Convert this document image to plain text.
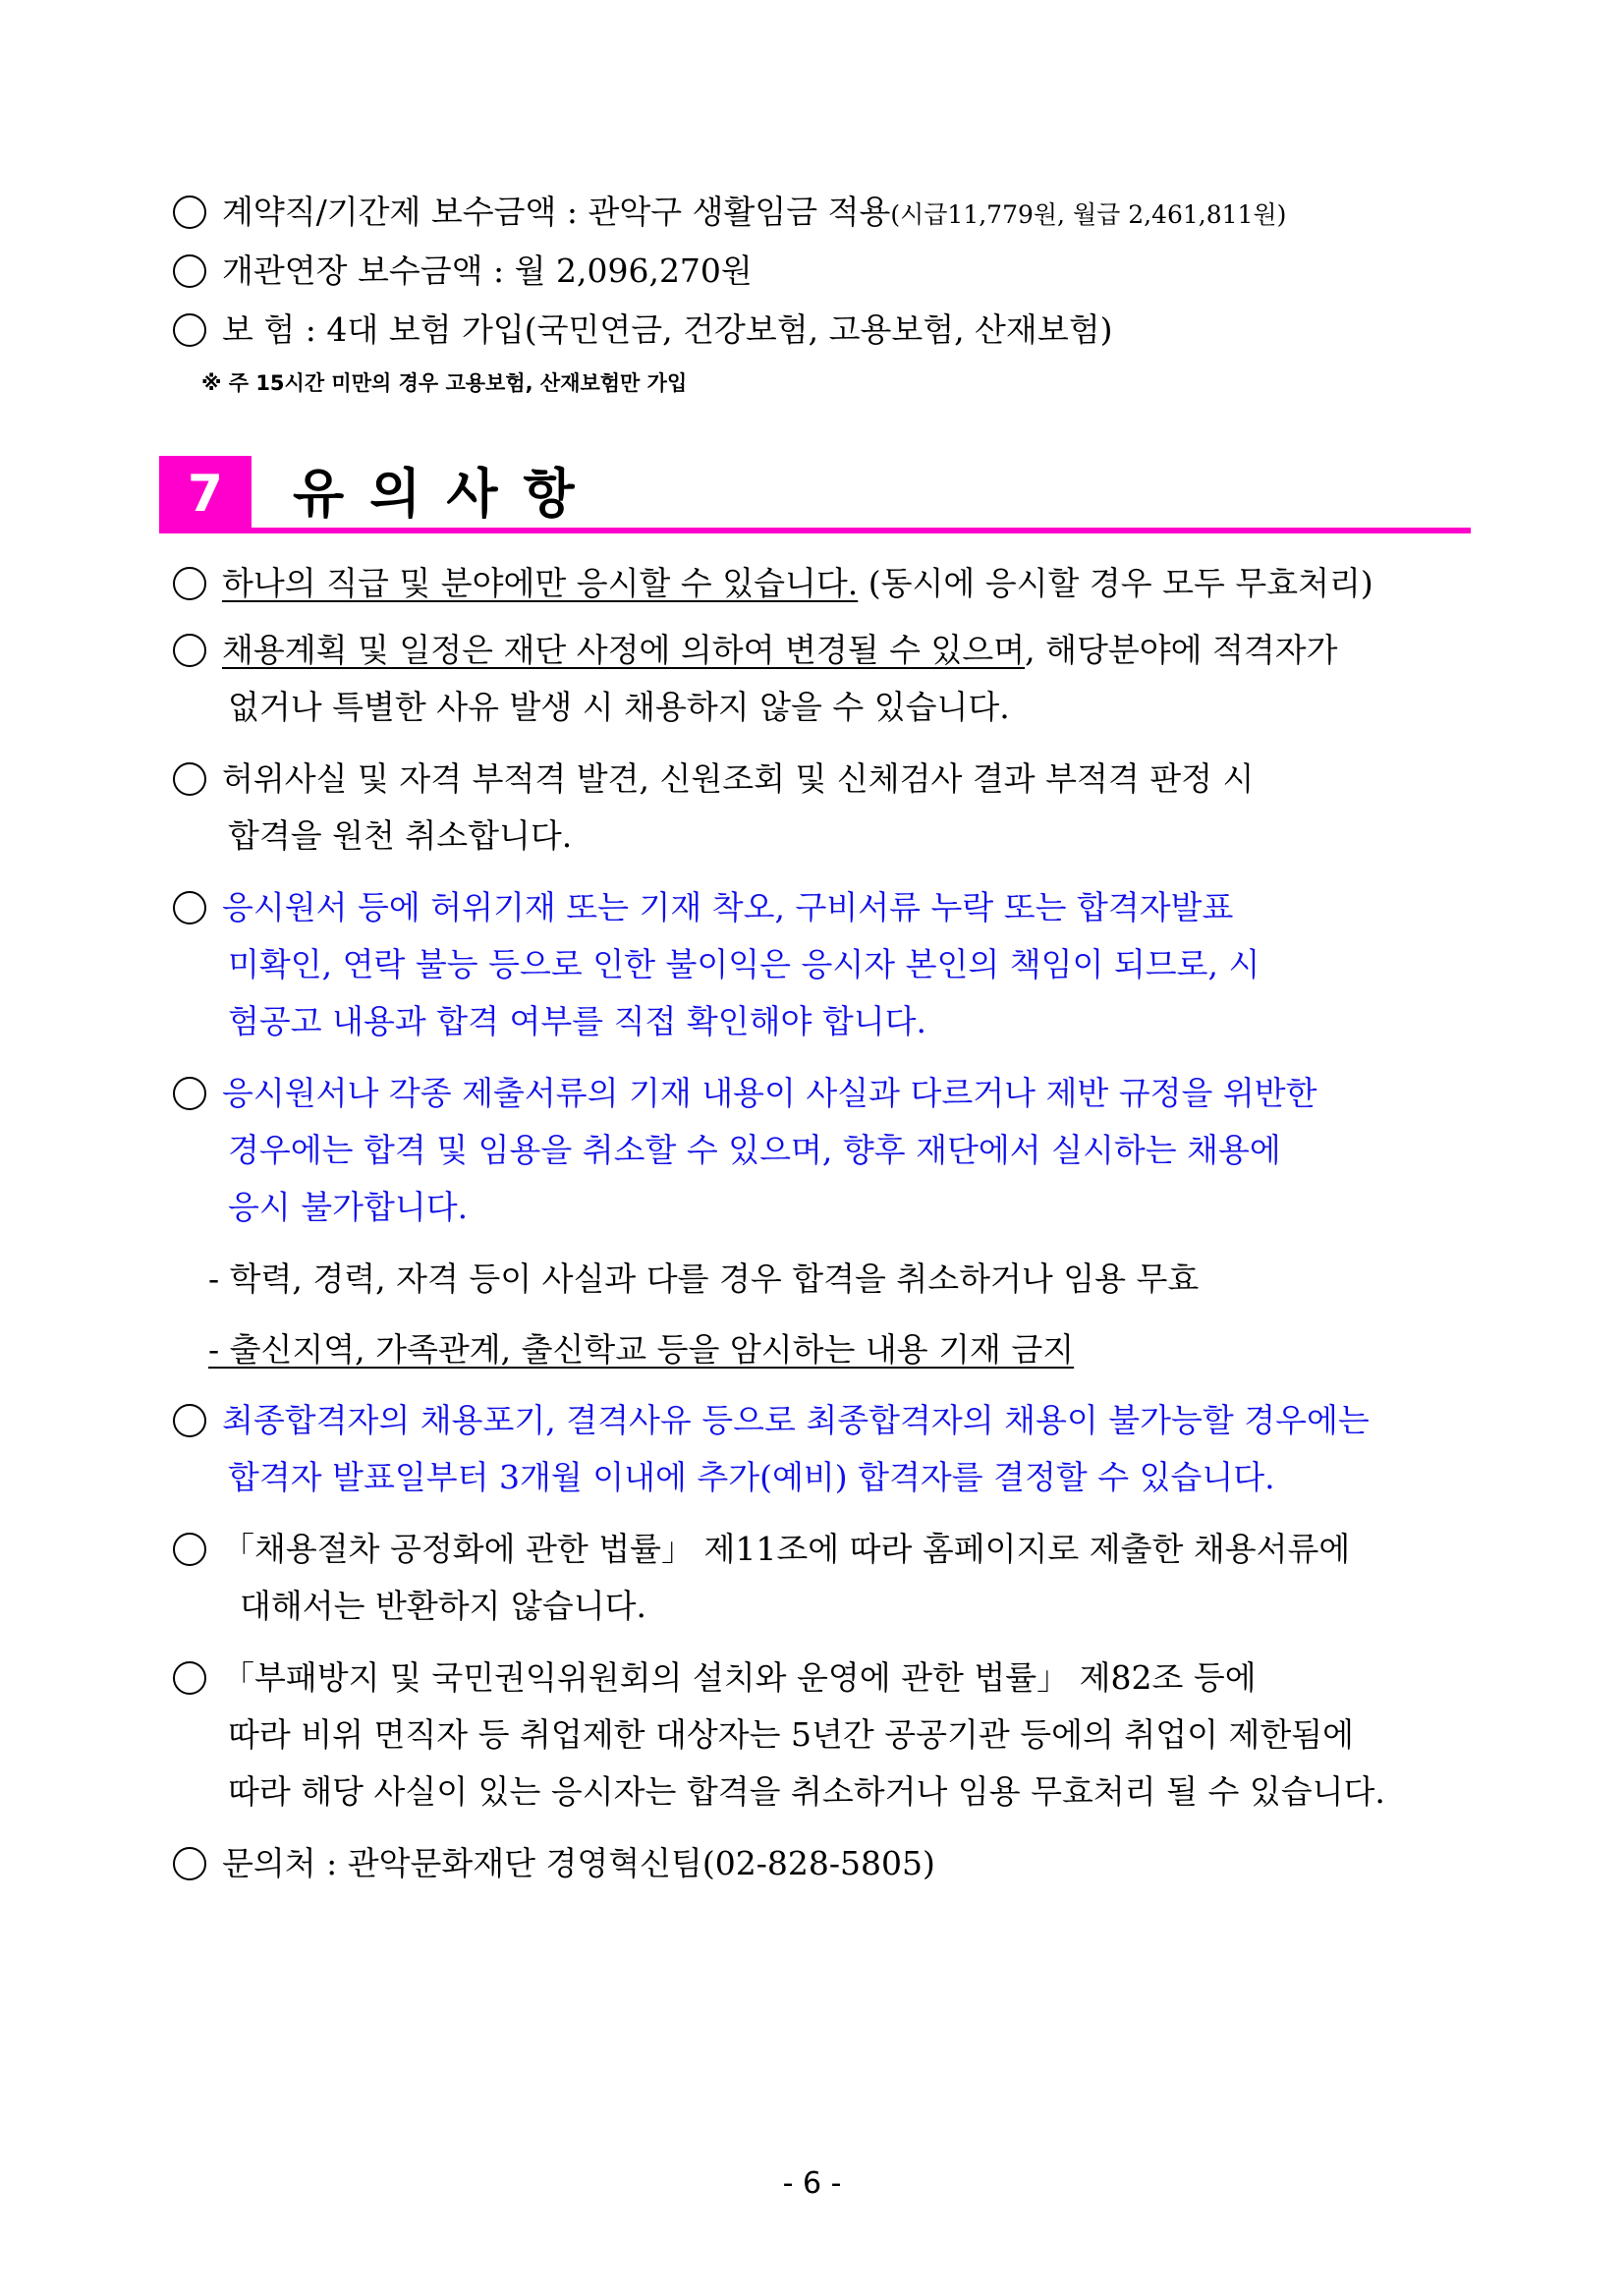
계약직/기간제 보수금액 : 관악구 생활임금 적용(시급11,779원, 월급 2,461,811원)
개관연장 보수금액 : 월 2,096,270원
보 험 : 4대 보험 가입(국민연금, 건강보험, 고용보험, 산재보험)
※ 주 15시간 미만의 경우 고용보험, 산재보험만 가입
7	유의사항
하나의 직급 및 분야에만 응시할 수 있습니다. (동시에 응시할 경우 모두 무효처리)
채용계획 및 일정은 재단 사정에 의하여 변경될 수 있으며, 해당분야에 적격자가
없거나 특별한 사유 발생 시 채용하지 않을 수 있습니다.
허위사실 및 자격 부적격 발견, 신원조회 및 신체검사 결과 부적격 판정 시
합격을 원천 취소합니다.
응시원서 등에 허위기재 또는 기재 착오, 구비서류 누락 또는 합격자발표
미확인, 연락 불능 등으로 인한 불이익은 응시자 본인의 책임이 되므로, 시
험공고 내용과 합격 여부를 직접 확인해야 합니다.
응시원서나 각종 제출서류의 기재 내용이 사실과 다르거나 제반 규정을 위반한
경우에는 합격 및 임용을 취소할 수 있으며, 향후 재단에서 실시하는 채용에
응시 불가합니다.
- 학력, 경력, 자격 등이 사실과 다를 경우 합격을 취소하거나 임용 무효
- 출신지역, 가족관계, 출신학교 등을 암시하는 내용 기재 금지
최종합격자의 채용포기, 결격사유 등으로 최종합격자의 채용이 불가능할 경우에는
합격자 발표일부터 3개월 이내에 추가(예비) 합격자를 결정할 수 있습니다.
「채용절차 공정화에 관한 법률」 제11조에 따라 홈페이지로 제출한 채용서류에
대해서는 반환하지 않습니다.
「부패방지 및 국민권익위원회의 설치와 운영에 관한 법률」 제82조 등에
따라 비위 면직자 등 취업제한 대상자는 5년간 공공기관 등에의 취업이 제한됨에
따라 해당 사실이 있는 응시자는 합격을 취소하거나 임용 무효처리 될 수 있습니다.
문의처 : 관악문화재단 경영혁신팀(02-828-5805)
- 6 -
